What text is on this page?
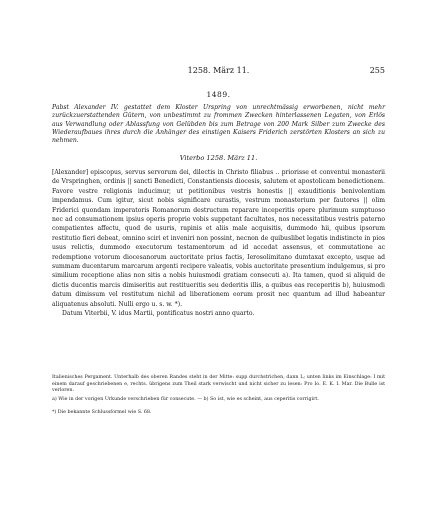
1258. März 11.	255
1489.
Pabst Alexander IV. gestattet dem Kloster Urspring von unrechtmässig erworbenen, nicht mehr zurückzuerstattenden Gütern, von unbestimmt zu frommen Zwecken hinterlassenen Legaten, von Erlös aus Verwandlung oder Ablassfung von Gelübden bis zum Betrage von 200 Mark Silber zum Zwecke des Wiederaufbaues ihres durch die Anhänger des einstigen Kaisers Friderich zerstörten Klosters an sich zu nehmen.
Viterbo 1258. März 11.

[Alexander] episcopus, servus servorum dei, dilectis in Christo filiabus .. priorisse et conventui monasterii de Vrspringhen, ordinis || sancti Benedicti, Constantiensis diocesis, salutem et apostolicam benedictionem. Favore vestre religionis inducimur, ut petitionibus vestris honestis || exauditionis benivolentiam impendamus. Cum igitur, sicut nobis significare curastis, vestrum monasterium per fautores || olim Friderici quondam imperatoris Romanorum destructum reparare inceperitis opere plurimum sumptuoso nec ad consumationem ipsius operis proprie vobis suppetant facultates, nos necessitatibus vestris paterno compatientes affectu, quod de usuris, rapinis et aliis male acquisitis, dummodo hii, quibus ipsorum restitutio fieri debeat, omnino sciri et inveniri non possint, necnon de quibuslibet legatis indistincte in pios usus relictis, dummodo executorum testamentorum ad id accedat assensus, et commutatione ac redemptione votorum diocesanorum auctoritate prius factis, Ierosolimitano dumtaxat excepto, usque ad summam ducentarum marcarum argenti recipere valeatis, vobis auctoritate presentium indulgemus, si pro similium receptione alias non sitis a nobis huiusmodi gratiam consecuti a). Ita tamen, quod si aliquid de dictis ducentis marcis dimiseritis aut restitueritis seu dederitis illis, a quibus eas receperitis b), huiusmodi datum dimissum vel restitutum nichil ad liberationem eorum prosit nec quantum ad illud habeantur aliquatenus absoluti. Nulli ergo u. s. w. *).

Datum Viterbii, V. idus Martii, pontificatus nostri anno quarto.

Italienisches Pergament. Unterhalb des oberen Randes steht in der Mitte: supp durchstrichen, dann L; unten links im Einschlage: I mit einem darauf geschriebenen e, rechts. übrigens zum Theil stark verwischt und nicht sicher zu lesen: Pro Io. E. K. I. Mar. Die Bulle ist verloren.
a) Wie in der vorigen Urkunde verschrieben für consecute. — b) So ist, wie es scheint, aus ceperitis corrigirt.
*) Die bekannte Schlussformel wie S. 68.
